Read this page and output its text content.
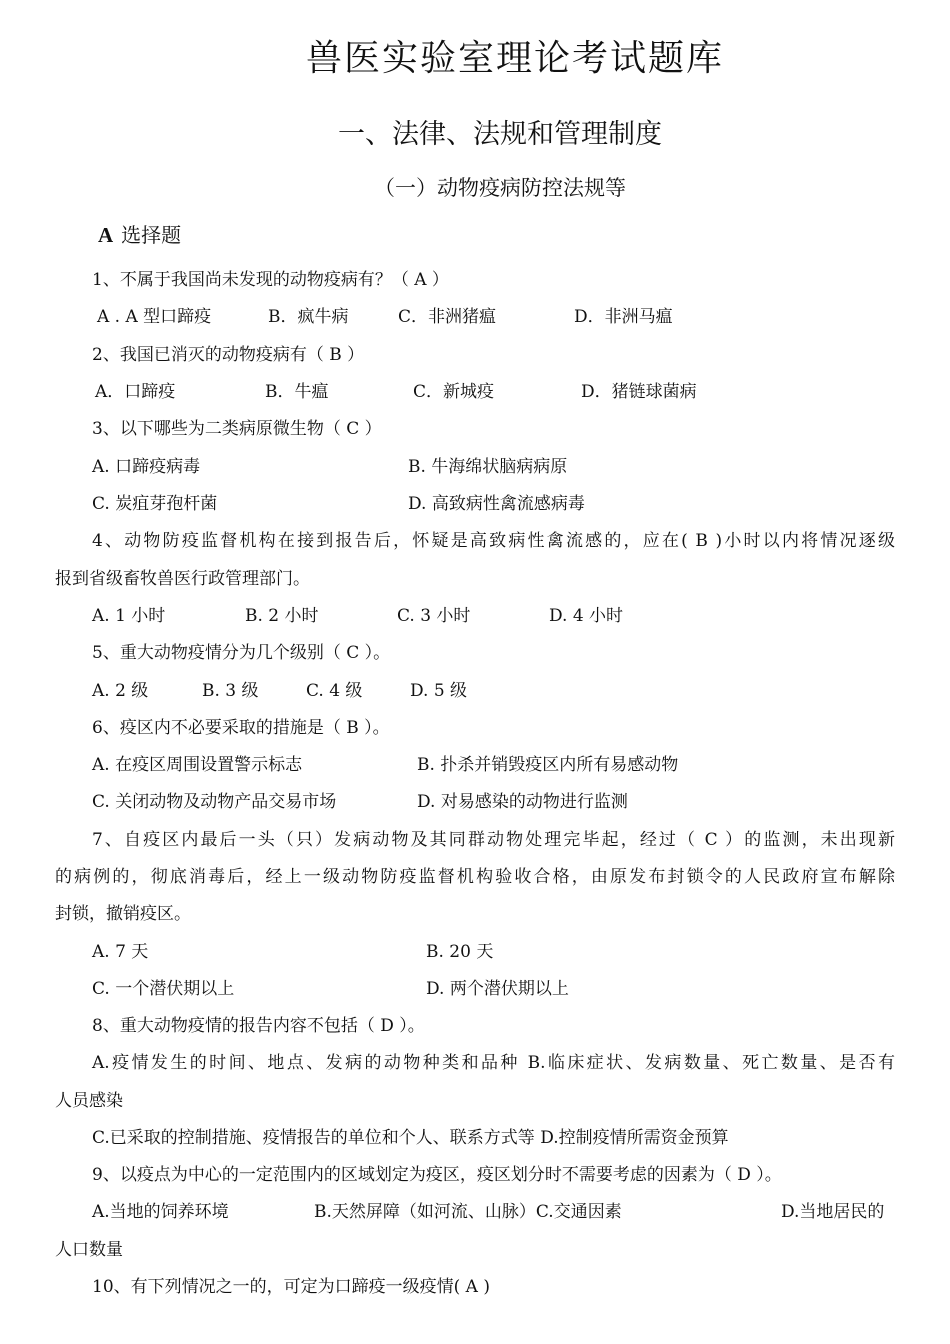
兽医实验室理论考试题库
一、法律、法规和管理制度
（一）动物疫病防控法规等
A 选择题
1、不属于我国尚未发现的动物疫病有？（ A ）
A . A 型口蹄疫	B．疯牛病	C．非洲猪瘟	D．非洲马瘟
2、我国已消灭的动物疫病有（ B ）
A．口蹄疫	B．牛瘟	C．新城疫	D．猪链球菌病
3、以下哪些为二类病原微生物（ C ）
A. 口蹄疫病毒	B. 牛海绵状脑病病原
C. 炭疽芽孢杆菌	D. 高致病性禽流感病毒
4、动物防疫监督机构在接到报告后，怀疑是高致病性禽流感的，应在( B )小时以内将情况逐级
报到省级畜牧兽医行政管理部门。
A. 1 小时	B. 2 小时	C. 3 小时	D. 4 小时
5、重大动物疫情分为几个级别（ C ）。
A. 2 级	B. 3 级	C. 4 级	D. 5 级
6、疫区内不必要采取的措施是（ B ）。
A. 在疫区周围设置警示标志	B. 扑杀并销毁疫区内所有易感动物
C. 关闭动物及动物产品交易市场	D. 对易感染的动物进行监测
7、自疫区内最后一头（只）发病动物及其同群动物处理完毕起，经过（ C ）的监测，未出现新
的病例的，彻底消毒后，经上一级动物防疫监督机构验收合格，由原发布封锁令的人民政府宣布解除
封锁，撤销疫区。
A. 7 天	B. 20 天
C. 一个潜伏期以上	D. 两个潜伏期以上
8、重大动物疫情的报告内容不包括（ D ）。
A.疫情发生的时间、地点、发病的动物种类和品种 B.临床症状、发病数量、死亡数量、是否有
人员感染
C.已采取的控制措施、疫情报告的单位和个人、联系方式等 D.控制疫情所需资金预算
9、以疫点为中心的一定范围内的区域划定为疫区，疫区划分时不需要考虑的因素为（ D ）。
A.当地的饲养环境	B.天然屏障（如河流、山脉）C.交通因素	D.当地居民的
人口数量
10、有下列情况之一的，可定为口蹄疫一级疫情( A )
